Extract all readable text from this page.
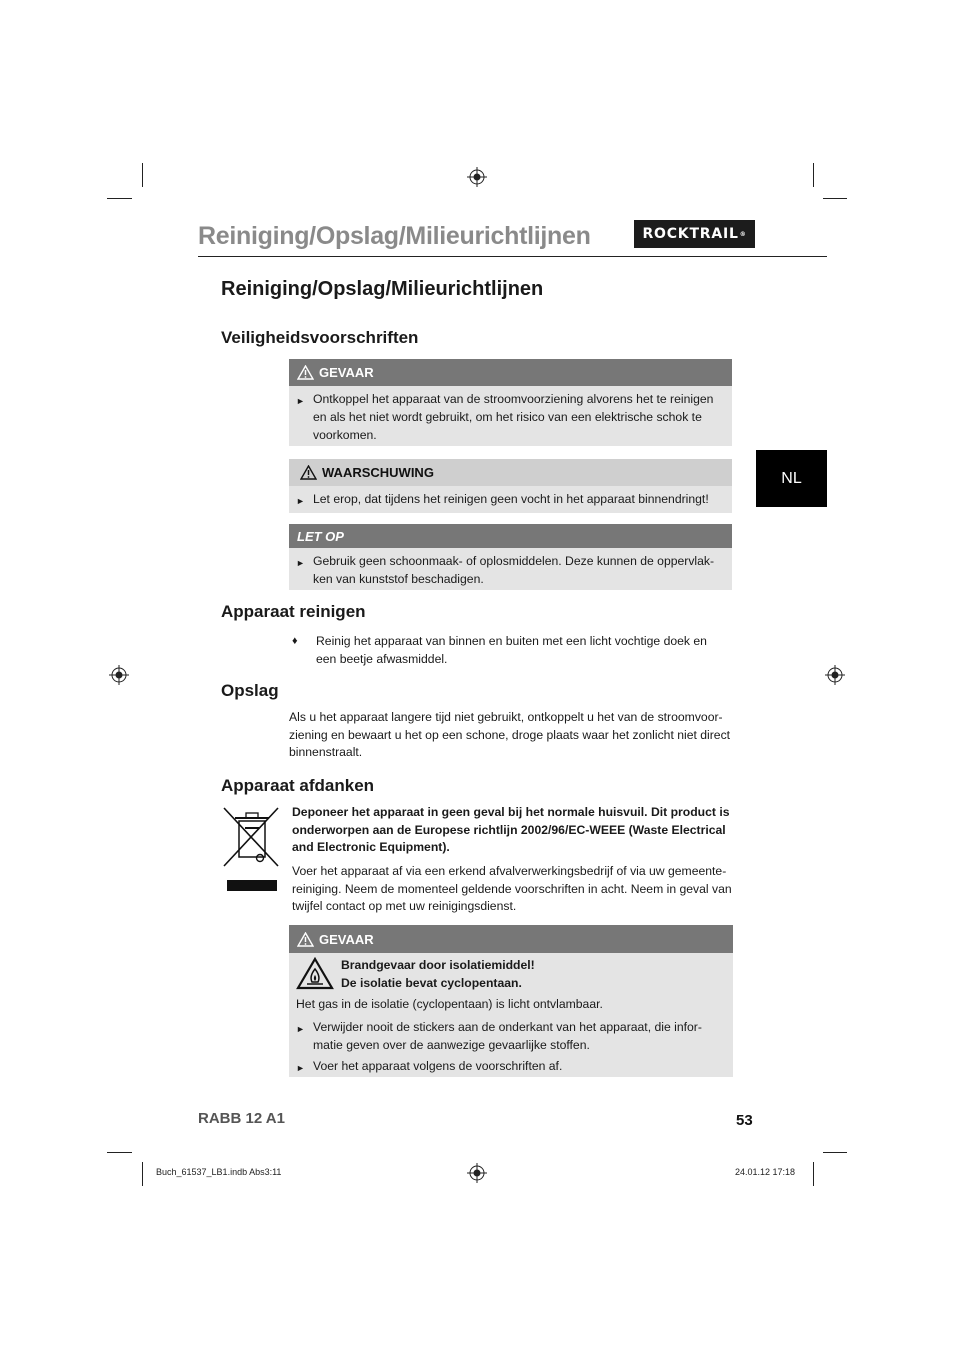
Reiniging/Opslag/Milieurichtlijnen	ROCKTRAIL ®
NL
Reiniging/Opslag/Milieurichtlijnen
Veiligheidsvoorschriften
GEVAAR
► Ontkoppel het apparaat van de stroomvoorziening alvorens het te reinigen en als het niet wordt gebruikt, om het risico van een elektrische schok te voorkomen.
WAARSCHUWING
► Let erop, dat tijdens het reinigen geen vocht in het apparaat binnendringt!
LET OP
► Gebruik geen schoonmaak- of oplosmiddelen. Deze kunnen de oppervlak-ken van kunststof beschadigen.
Apparaat reinigen
♦	Reinig het apparaat van binnen en buiten met een licht vochtige doek en een beetje afwasmiddel.
Opslag
Als u het apparaat langere tijd niet gebruikt, ontkoppelt u het van de stroomvoor-ziening en bewaart u het op een schone, droge plaats waar het zonlicht niet direct binnenstraalt.
Apparaat afdanken
Deponeer het apparaat in geen geval bij het normale huisvuil. Dit product is onderworpen aan de Europese richtlijn 2002/96/EC-WEEE (Waste Electrical and Electronic Equipment).
Voer het apparaat af via een erkend afvalverwerkingsbedrijf of via uw gemeente-reiniging. Neem de momenteel geldende voorschriften in acht. Neem in geval van twijfel contact op met uw reinigingsdienst.
GEVAAR
Brandgevaar door isolatiemiddel!
De isolatie bevat cyclopentaan.
Het gas in de isolatie (cyclopentaan) is licht ontvlambaar.
► Verwijder nooit de stickers aan de onderkant van het apparaat, die infor-matie geven over de aanwezige gevaarlijke stoffen.
► Voer het apparaat volgens de voorschriften af.
RABB 12 A1	53
Buch_61537_LB1.indb Abs3:11	24.01.12 17:18
